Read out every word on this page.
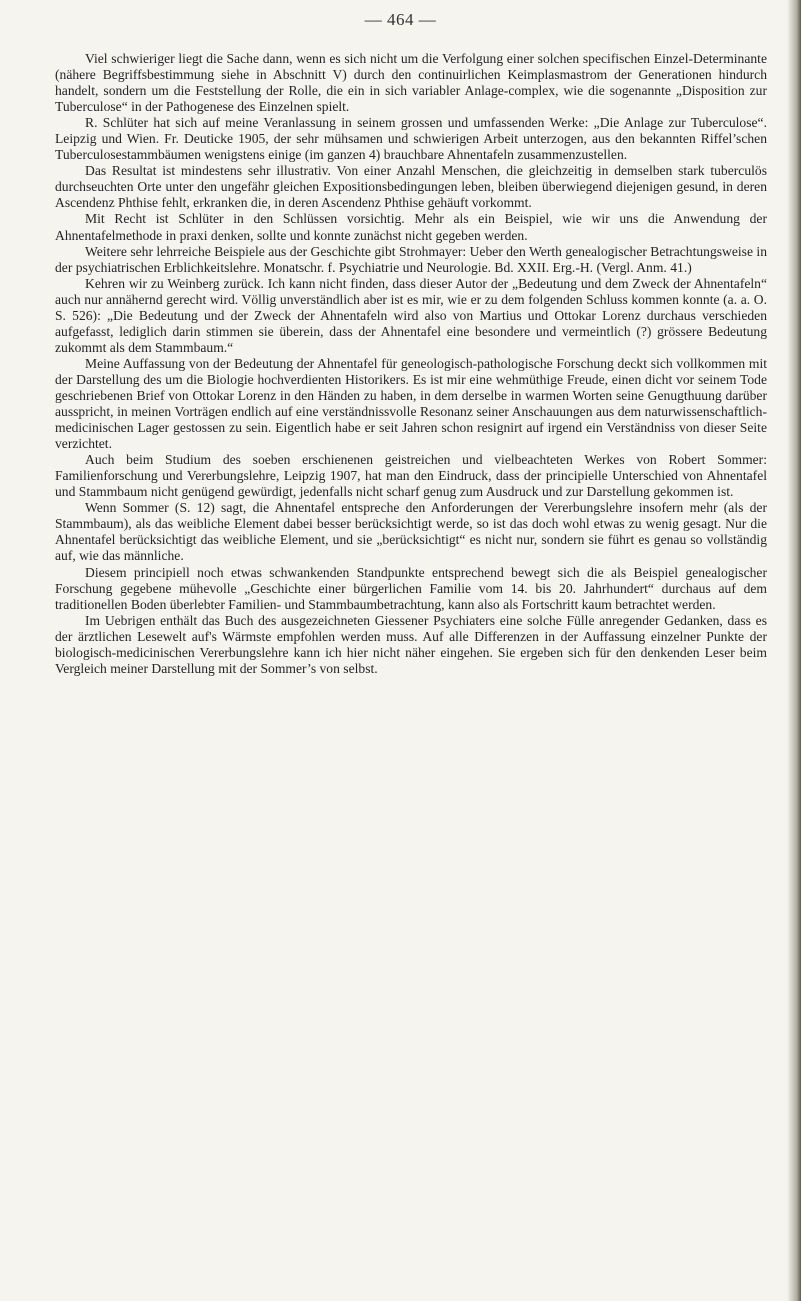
— 464 —

Viel schwieriger liegt die Sache dann, wenn es sich nicht um die Verfolgung einer solchen specifischen Einzel-Determinante (nähere Begriffsbestimmung siehe in Abschnitt V) durch den continuirlichen Keimplasmastrom der Generationen hindurch handelt, sondern um die Feststellung der Rolle, die ein in sich variabler Anlage-complex, wie die sogenannte „Disposition zur Tuberculose“ in der Pathogenese des Einzelnen spielt.

R. Schlüter hat sich auf meine Veranlassung in seinem grossen und umfassenden Werke: „Die Anlage zur Tuberculose“. Leipzig und Wien. Fr. Deuticke 1905, der sehr mühsamen und schwierigen Arbeit unterzogen, aus den bekannten Riffel’schen Tuberculosestammbäumen wenigstens einige (im ganzen 4) brauchbare Ahnentafeln zusammenzustellen.

Das Resultat ist mindestens sehr illustrativ. Von einer Anzahl Menschen, die gleichzeitig in demselben stark tuberculös durchseuchten Orte unter den ungefähr gleichen Expositionsbedingungen leben, bleiben überwiegend diejenigen gesund, in deren Ascendenz Phthise fehlt, erkranken die, in deren Ascendenz Phthise gehäuft vorkommt.

Mit Recht ist Schlüter in den Schlüssen vorsichtig. Mehr als ein Beispiel, wie wir uns die Anwendung der Ahnentafelmethode in praxi denken, sollte und konnte zunächst nicht gegeben werden.

Weitere sehr lehrreiche Beispiele aus der Geschichte gibt Strohmayer: Ueber den Werth genealogischer Betrachtungsweise in der psychiatrischen Erblichkeitslehre. Monatschr. f. Psychiatrie und Neurologie. Bd. XXII. Erg.-H. (Vergl. Anm. 41.)

Kehren wir zu Weinberg zurück. Ich kann nicht finden, dass dieser Autor der „Bedeutung und dem Zweck der Ahnentafeln“ auch nur annähernd gerecht wird. Völlig unverständlich aber ist es mir, wie er zu dem folgenden Schluss kommen konnte (a. a. O. S. 526): „Die Bedeutung und der Zweck der Ahnentafeln wird also von Martius und Ottokar Lorenz durchaus verschieden aufgefasst, lediglich darin stimmen sie überein, dass der Ahnentafel eine besondere und vermeintlich (?) grössere Bedeutung zukommt als dem Stammbaum.“

Meine Auffassung von der Bedeutung der Ahnentafel für geneologisch-pathologische Forschung deckt sich vollkommen mit der Darstellung des um die Biologie hochverdienten Historikers. Es ist mir eine wehmüthige Freude, einen dicht vor seinem Tode geschriebenen Brief von Ottokar Lorenz in den Händen zu haben, in dem derselbe in warmen Worten seine Genugthuung darüber ausspricht, in meinen Vorträgen endlich auf eine verständnissvolle Resonanz seiner Anschauungen aus dem naturwissenschaftlich-medicinischen Lager gestossen zu sein. Eigentlich habe er seit Jahren schon resignirt auf irgend ein Verständniss von dieser Seite verzichtet.

Auch beim Studium des soeben erschienenen geistreichen und vielbeachteten Werkes von Robert Sommer: Familienforschung und Vererbungslehre, Leipzig 1907, hat man den Eindruck, dass der principielle Unterschied von Ahnentafel und Stammbaum nicht genügend gewürdigt, jedenfalls nicht scharf genug zum Ausdruck und zur Darstellung gekommen ist.

Wenn Sommer (S. 12) sagt, die Ahnentafel entspreche den Anforderungen der Vererbungslehre insofern mehr (als der Stammbaum), als das weibliche Element dabei besser berücksichtigt werde, so ist das doch wohl etwas zu wenig gesagt. Nur die Ahnentafel berücksichtigt das weibliche Element, und sie „berücksichtigt“ es nicht nur, sondern sie führt es genau so vollständig auf, wie das männliche.

Diesem principiell noch etwas schwankenden Standpunkte entsprechend bewegt sich die als Beispiel genealogischer Forschung gegebene mühevolle „Geschichte einer bürgerlichen Familie vom 14. bis 20. Jahrhundert“ durchaus auf dem traditionellen Boden überlebter Familien- und Stammbaumbetrachtung, kann also als Fortschritt kaum betrachtet werden.

Im Uebrigen enthält das Buch des ausgezeichneten Giessener Psychiaters eine solche Fülle anregender Gedanken, dass es der ärztlichen Lesewelt auf's Wärmste empfohlen werden muss. Auf alle Differenzen in der Auffassung einzelner Punkte der biologisch-medicinischen Vererbungslehre kann ich hier nicht näher eingehen. Sie ergeben sich für den denkenden Leser beim Vergleich meiner Darstellung mit der Sommer’s von selbst.
